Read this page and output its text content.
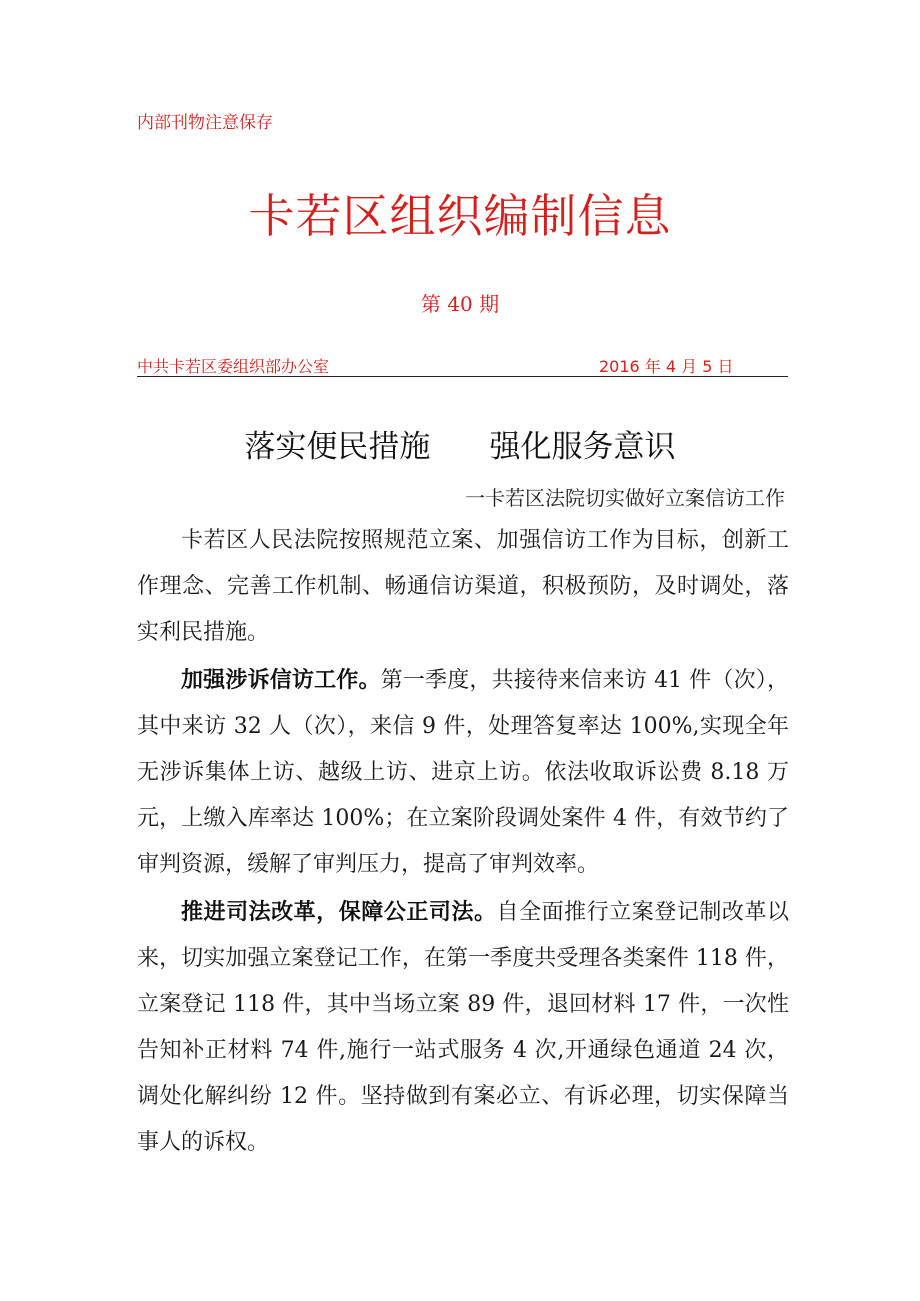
内部刊物注意保存
卡若区组织编制信息
第 40 期
中共卡若区委组织部办公室	2016 年 4 月 5 日
落实便民措施      强化服务意识
一卡若区法院切实做好立案信访工作

卡若区人民法院按照规范立案、加强信访工作为目标，创新工作理念、完善工作机制、畅通信访渠道，积极预防，及时调处，落实利民措施。

加强涉诉信访工作。第一季度，共接待来信来访 41 件（次），其中来访 32 人（次），来信 9 件，处理答复率达 100%,实现全年无涉诉集体上访、越级上访、进京上访。依法收取诉讼费 8.18 万元，上缴入库率达 100%；在立案阶段调处案件 4 件，有效节约了审判资源，缓解了审判压力，提高了审判效率。

推进司法改革，保障公正司法。自全面推行立案登记制改革以来，切实加强立案登记工作，在第一季度共受理各类案件 118 件，立案登记 118 件，其中当场立案 89 件，退回材料 17 件，一次性告知补正材料 74 件,施行一站式服务 4 次,开通绿色通道 24 次，调处化解纠纷 12 件。坚持做到有案必立、有诉必理，切实保障当事人的诉权。
